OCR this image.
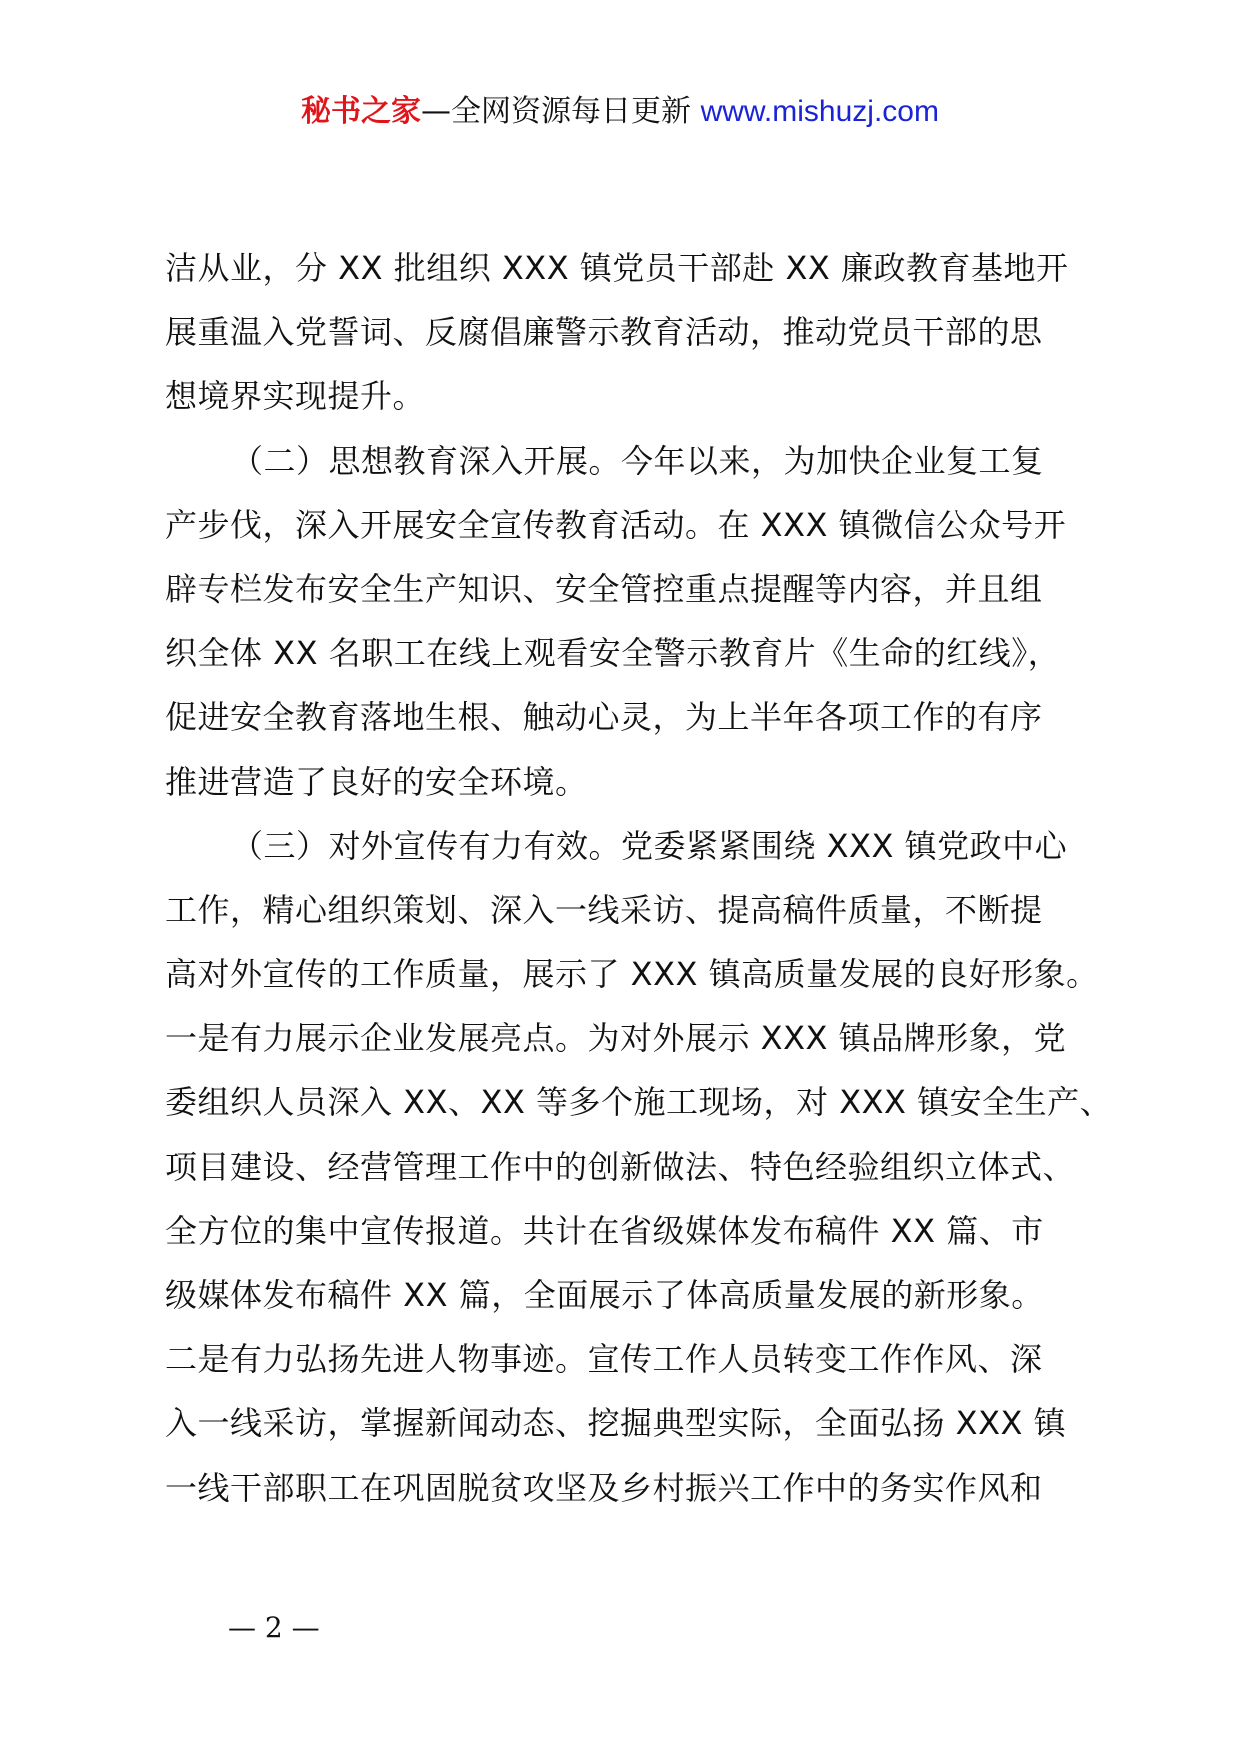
秘书之家—全网资源每日更新 www.mishuzj.com
洁从业，分 XX 批组织 XXX 镇党员干部赴 XX 廉政教育基地开
展重温入党誓词、反腐倡廉警示教育活动，推动党员干部的思
想境界实现提升。
（二）思想教育深入开展。今年以来，为加快企业复工复
产步伐，深入开展安全宣传教育活动。在 XXX 镇微信公众号开
辟专栏发布安全生产知识、安全管控重点提醒等内容，并且组
织全体 XX 名职工在线上观看安全警示教育片《生命的红线》，
促进安全教育落地生根、触动心灵，为上半年各项工作的有序
推进营造了良好的安全环境。
（三）对外宣传有力有效。党委紧紧围绕 XXX 镇党政中心
工作，精心组织策划、深入一线采访、提高稿件质量，不断提
高对外宣传的工作质量，展示了 XXX 镇高质量发展的良好形象。
一是有力展示企业发展亮点。为对外展示 XXX 镇品牌形象，党
委组织人员深入 XX、XX 等多个施工现场，对 XXX 镇安全生产、
项目建设、经营管理工作中的创新做法、特色经验组织立体式、
全方位的集中宣传报道。共计在省级媒体发布稿件 XX 篇、市
级媒体发布稿件 XX 篇，全面展示了体高质量发展的新形象。
二是有力弘扬先进人物事迹。宣传工作人员转变工作作风、深
入一线采访，掌握新闻动态、挖掘典型实际，全面弘扬 XXX 镇
一线干部职工在巩固脱贫攻坚及乡村振兴工作中的务实作风和
— 2 —
